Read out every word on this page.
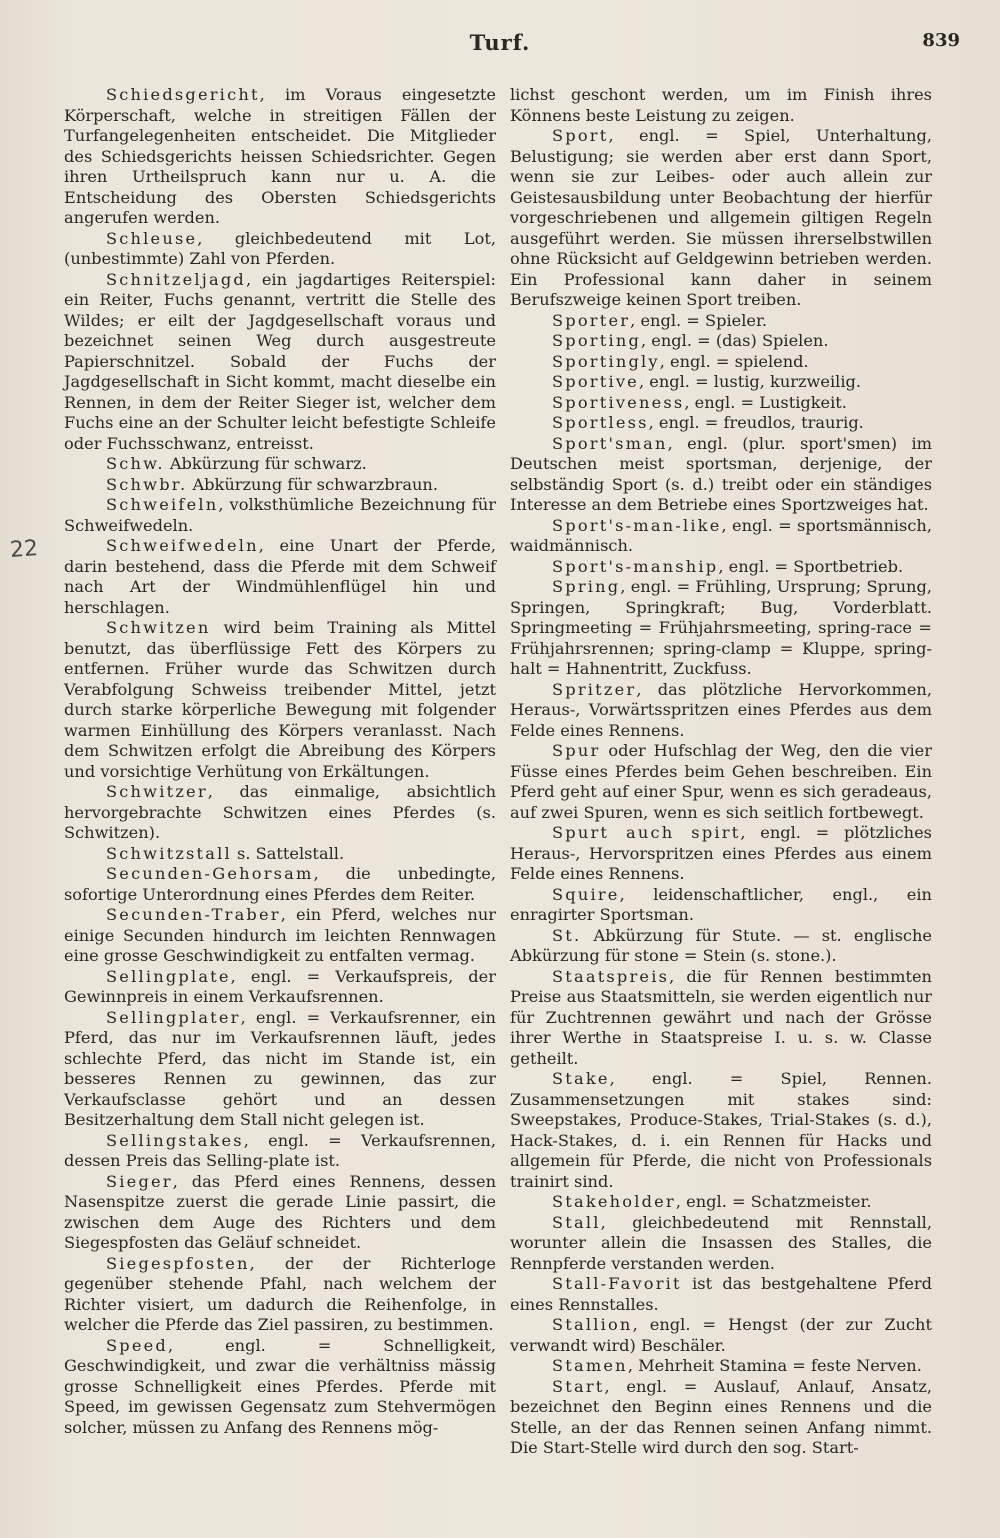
Turf.	839
22

Schiedsgericht, im Voraus eingesetzte Körperschaft, welche in streitigen Fällen der Turfangelegenheiten entscheidet. Die Mitglieder des Schiedsgerichts heissen Schiedsrichter. Gegen ihren Urtheilspruch kann nur u. A. die Entscheidung des Obersten Schiedsgerichts angerufen werden.

Schleuse, gleichbedeutend mit Lot, (unbestimmte) Zahl von Pferden.

Schnitzeljagd, ein jagdartiges Reiterspiel: ein Reiter, Fuchs genannt, vertritt die Stelle des Wildes; er eilt der Jagdgesellschaft voraus und bezeichnet seinen Weg durch ausgestreute Papierschnitzel. Sobald der Fuchs der Jagdgesellschaft in Sicht kommt, macht dieselbe ein Rennen, in dem der Reiter Sieger ist, welcher dem Fuchs eine an der Schulter leicht befestigte Schleife oder Fuchsschwanz, entreisst.

Schw. Abkürzung für schwarz.

Schwbr. Abkürzung für schwarzbraun.

Schweifeln, volksthümliche Bezeichnung für Schweifwedeln.

Schweifwedeln, eine Unart der Pferde, darin bestehend, dass die Pferde mit dem Schweif nach Art der Windmühlenflügel hin und herschlagen.

Schwitzen wird beim Training als Mittel benutzt, das überflüssige Fett des Körpers zu entfernen. Früher wurde das Schwitzen durch Verabfolgung Schweiss treibender Mittel, jetzt durch starke körperliche Bewegung mit folgender warmen Einhüllung des Körpers veranlasst. Nach dem Schwitzen erfolgt die Abreibung des Körpers und vorsichtige Verhütung von Erkältungen.

Schwitzer, das einmalige, absichtlich hervorgebrachte Schwitzen eines Pferdes (s. Schwitzen).

Schwitzstall s. Sattelstall.

Secunden-Gehorsam, die unbedingte, sofortige Unterordnung eines Pferdes dem Reiter.

Secunden-Traber, ein Pferd, welches nur einige Secunden hindurch im leichten Rennwagen eine grosse Geschwindigkeit zu entfalten vermag.

Sellingplate, engl. = Verkaufspreis, der Gewinnpreis in einem Verkaufsrennen.

Sellingplater, engl. = Verkaufsrenner, ein Pferd, das nur im Verkaufsrennen läuft, jedes schlechte Pferd, das nicht im Stande ist, ein besseres Rennen zu gewinnen, das zur Verkaufsclasse gehört und an dessen Besitzerhaltung dem Stall nicht gelegen ist.

Sellingstakes, engl. = Verkaufsrennen, dessen Preis das Selling-plate ist.

Sieger, das Pferd eines Rennens, dessen Nasenspitze zuerst die gerade Linie passirt, die zwischen dem Auge des Richters und dem Siegespfosten das Geläuf schneidet.

Siegespfosten, der der Richterloge gegenüber stehende Pfahl, nach welchem der Richter visiert, um dadurch die Reihenfolge, in welcher die Pferde das Ziel passiren, zu bestimmen.

Speed, engl. = Schnelligkeit, Geschwindigkeit, und zwar die verhältniss mässig grosse Schnelligkeit eines Pferdes. Pferde mit Speed, im gewissen Gegensatz zum Stehvermögen solcher, müssen zu Anfang des Rennens mög-

lichst geschont werden, um im Finish ihres Könnens beste Leistung zu zeigen.

Sport, engl. = Spiel, Unterhaltung, Belustigung; sie werden aber erst dann Sport, wenn sie zur Leibes- oder auch allein zur Geistesausbildung unter Beobachtung der hierfür vorgeschriebenen und allgemein giltigen Regeln ausgeführt werden. Sie müssen ihrerselbstwillen ohne Rücksicht auf Geldgewinn betrieben werden. Ein Professional kann daher in seinem Berufszweige keinen Sport treiben.

Sporter, engl. = Spieler.

Sporting, engl. = (das) Spielen.

Sportingly, engl. = spielend.

Sportive, engl. = lustig, kurzweilig.

Sportiveness, engl. = Lustigkeit.

Sportless, engl. = freudlos, traurig.

Sport'sman, engl. (plur. sport'smen) im Deutschen meist sportsman, derjenige, der selbständig Sport (s. d.) treibt oder ein ständiges Interesse an dem Betriebe eines Sportzweiges hat.

Sport's-man-like, engl. = sportsmännisch, waidmännisch.

Sport's-manship, engl. = Sportbetrieb.

Spring, engl. = Frühling, Ursprung; Sprung, Springen, Springkraft; Bug, Vorderblatt. Springmeeting = Frühjahrsmeeting, spring-race = Frühjahrsrennen; spring-clamp = Kluppe, spring-halt = Hahnentritt, Zuckfuss.

Spritzer, das plötzliche Hervorkommen, Heraus-, Vorwärtsspritzen eines Pferdes aus dem Felde eines Rennens.

Spur oder Hufschlag der Weg, den die vier Füsse eines Pferdes beim Gehen beschreiben. Ein Pferd geht auf einer Spur, wenn es sich geradeaus, auf zwei Spuren, wenn es sich seitlich fortbewegt.

Spurt auch spirt, engl. = plötzliches Heraus-, Hervorspritzen eines Pferdes aus einem Felde eines Rennens.

Squire, leidenschaftlicher, engl., ein enragirter Sportsman.

St. Abkürzung für Stute. — st. englische Abkürzung für stone = Stein (s. stone.).

Staatspreis, die für Rennen bestimmten Preise aus Staatsmitteln, sie werden eigentlich nur für Zuchtrennen gewährt und nach der Grösse ihrer Werthe in Staatspreise I. u. s. w. Classe getheilt.

Stake, engl. = Spiel, Rennen. Zusammensetzungen mit stakes sind: Sweepstakes, Produce-Stakes, Trial-Stakes (s. d.), Hack-Stakes, d. i. ein Rennen für Hacks und allgemein für Pferde, die nicht von Professionals trainirt sind.

Stakeholder, engl. = Schatzmeister.

Stall, gleichbedeutend mit Rennstall, worunter allein die Insassen des Stalles, die Rennpferde verstanden werden.

Stall-Favorit ist das bestgehaltene Pferd eines Rennstalles.

Stallion, engl. = Hengst (der zur Zucht verwandt wird) Beschäler.

Stamen, Mehrheit Stamina = feste Nerven.

Start, engl. = Auslauf, Anlauf, Ansatz, bezeichnet den Beginn eines Rennens und die Stelle, an der das Rennen seinen Anfang nimmt. Die Start-Stelle wird durch den sog. Start-
